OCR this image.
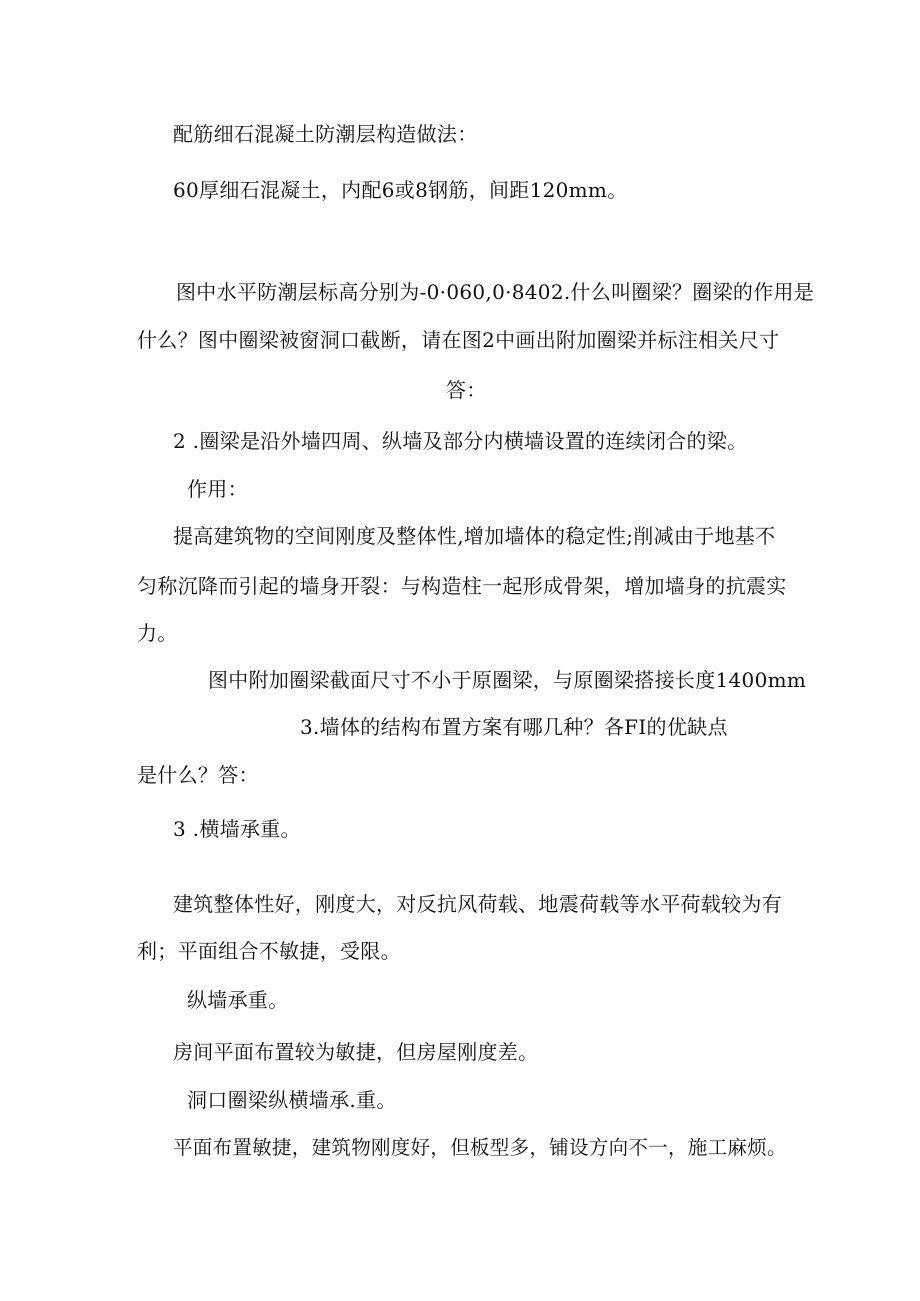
配筋细石混凝土防潮层构造做法：
60厚细石混凝土，内配6或8钢筋，间距120mm。
图中水平防潮层标高分别为-0·060,0·8402.什么叫圈梁？圈梁的作用是
什么？图中圈梁被窗洞口截断，请在图2中画出附加圈梁并标注相关尺寸
答：
2 .圈梁是沿外墙四周、纵墙及部分内横墙设置的连续闭合的梁。
作用：
提高建筑物的空间刚度及整体性,增加墙体的稳定性;削减由于地基不
匀称沉降而引起的墙身开裂：与构造柱一起形成骨架，增加墙身的抗震实
力。
图中附加圈梁截面尺寸不小于原圈梁，与原圈梁搭接长度1400mm
3.墙体的结构布置方案有哪几种？各FI的优缺点
是什么？答：
3 .横墙承重。
建筑整体性好，刚度大，对反抗风荷载、地震荷载等水平荷载较为有
利；平面组合不敏捷，受限。
纵墙承重。
房间平面布置较为敏捷，但房屋刚度差。
洞口圈梁纵横墙承.重。
平面布置敏捷，建筑物刚度好，但板型多，铺设方向不一，施工麻烦。
